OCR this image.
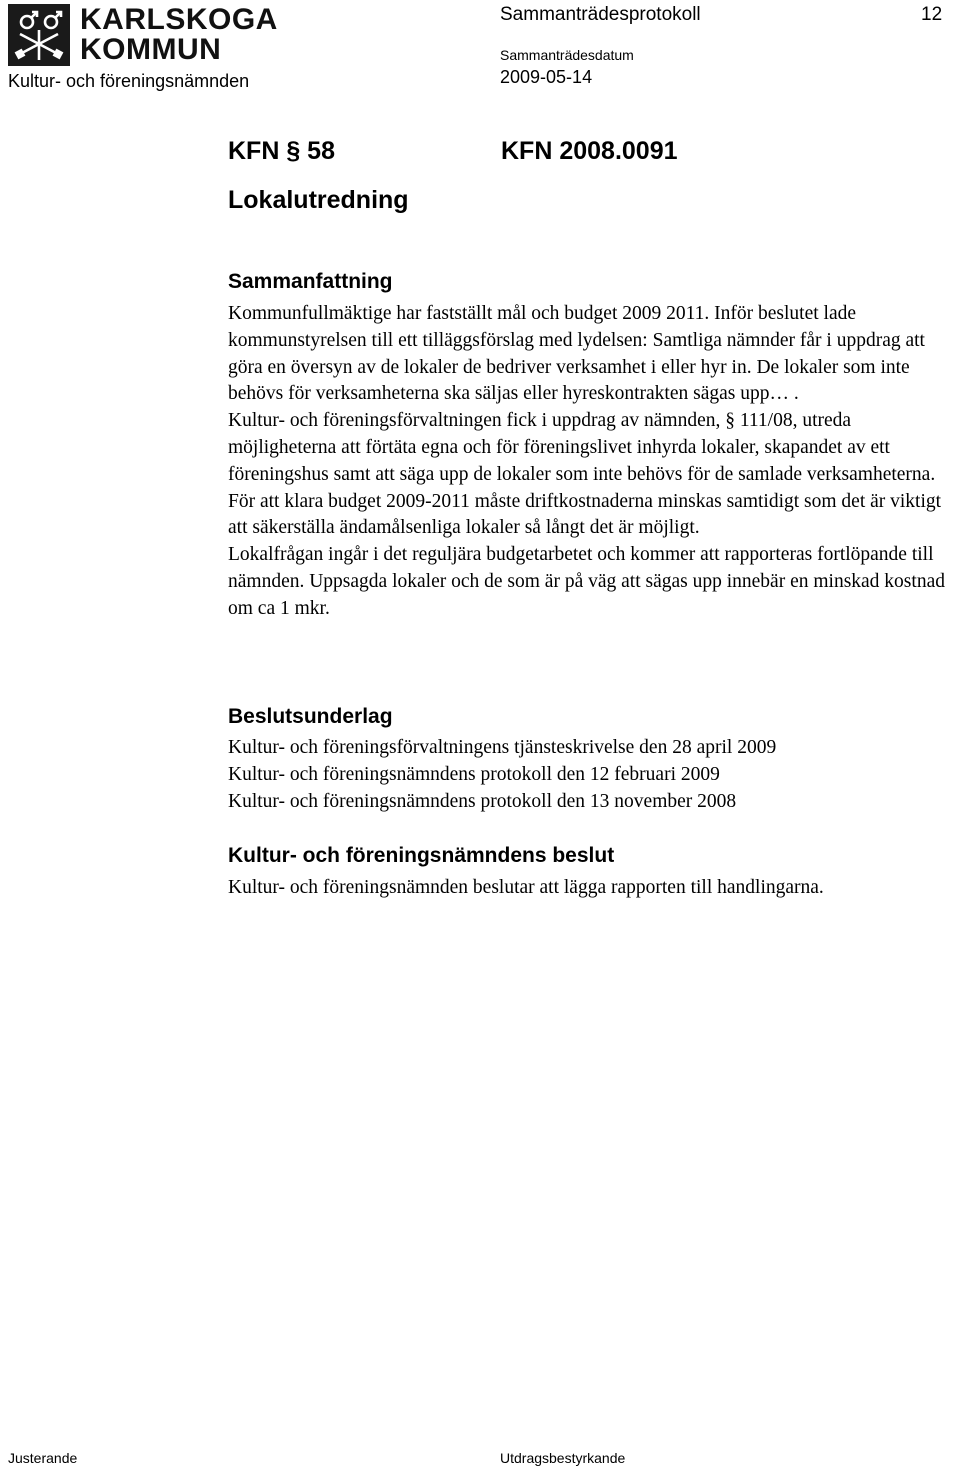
KARLSKOGA
KOMMUN
Kultur- och föreningsnämnden
Sammanträdesprotokoll	12
Sammanträdesdatum
2009-05-14
KFN § 58	KFN 2008.0091
Lokalutredning
Sammanfattning

Kommunfullmäktige har fastställt mål och budget 2009 2011. Inför beslutet lade kommunstyrelsen till ett tilläggsförslag med lydelsen: Samtliga nämnder får i uppdrag att göra en översyn av de lokaler de bedriver verksamhet i eller hyr in. De lokaler som inte behövs för verksamheterna ska säljas eller hyreskontrakten sägas upp… .

Kultur- och föreningsförvaltningen fick i uppdrag av nämnden, § 111/08, utreda möjligheterna att förtäta egna och för föreningslivet inhyrda lokaler, skapandet av ett föreningshus samt att säga upp de lokaler som inte behövs för de samlade verksamheterna. För att klara budget 2009-2011 måste driftkostnaderna minskas samtidigt som det är viktigt att säkerställa ändamålsenliga lokaler så långt det är möjligt.

Lokalfrågan ingår i det reguljära budgetarbetet och kommer att rapporteras fortlöpande till nämnden. Uppsagda lokaler och de som är på väg att sägas upp innebär en minskad kostnad om ca 1 mkr.

Beslutsunderlag
Kultur- och föreningsförvaltningens tjänsteskrivelse den 28 april 2009
Kultur- och föreningsnämndens protokoll den 12 februari 2009
Kultur- och föreningsnämndens protokoll den 13 november 2008
Kultur- och föreningsnämndens beslut
Kultur- och föreningsnämnden beslutar att lägga rapporten till handlingarna.
Justerande	Utdragsbestyrkande
